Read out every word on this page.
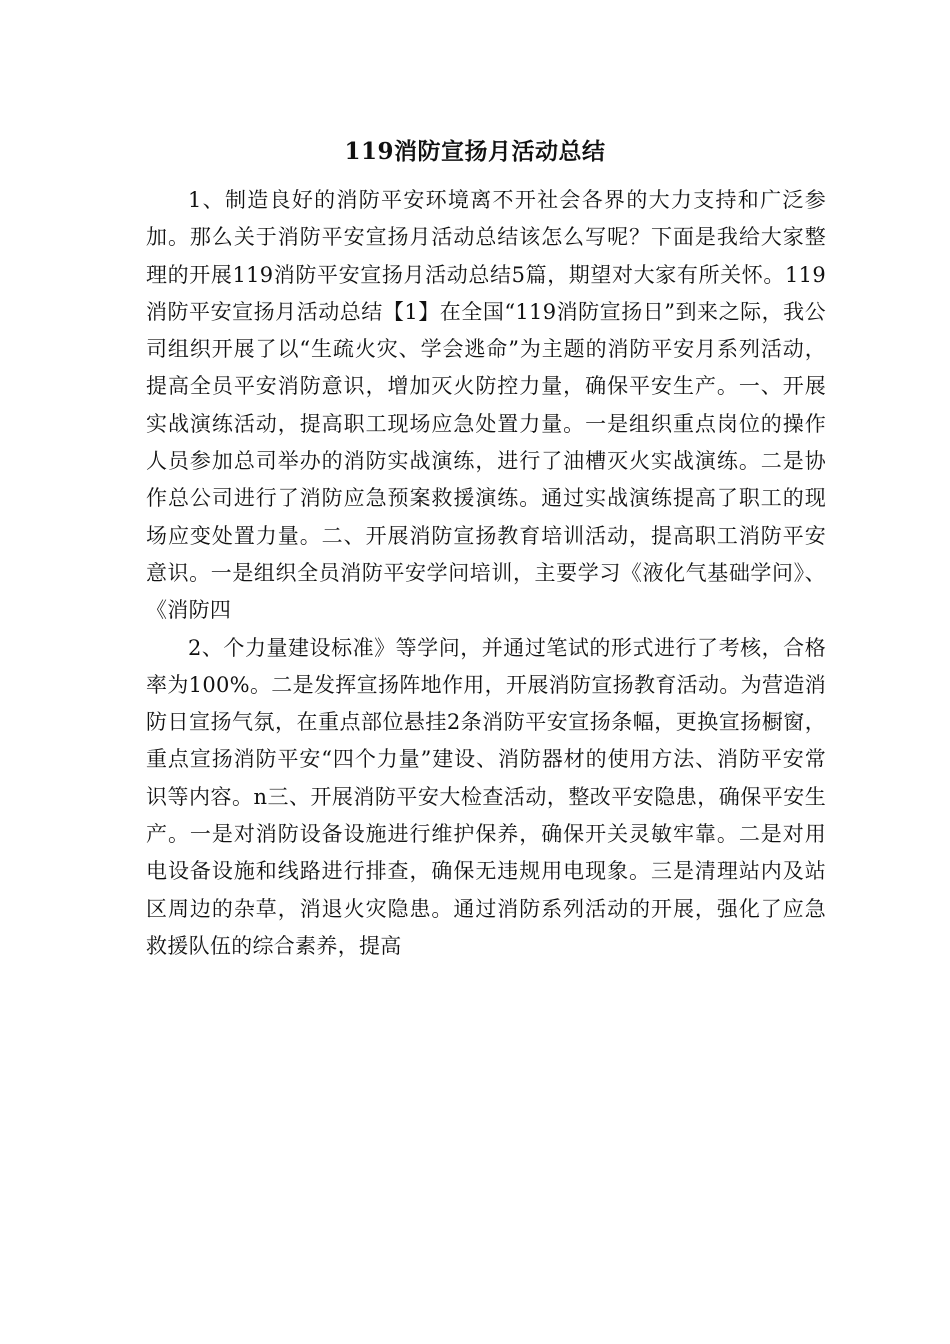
119消防宣扬月活动总结

1、制造良好的消防平安环境离不开社会各界的大力支持和广泛参加。那么关于消防平安宣扬月活动总结该怎么写呢？下面是我给大家整理的开展119消防平安宣扬月活动总结5篇，期望对大家有所关怀。119消防平安宣扬月活动总结【1】在全国“119消防宣扬日”到来之际，我公司组织开展了以“生疏火灾、学会逃命”为主题的消防平安月系列活动，提高全员平安消防意识，增加灭火防控力量，确保平安生产。一、开展实战演练活动，提高职工现场应急处置力量。一是组织重点岗位的操作人员参加总司举办的消防实战演练，进行了油槽灭火实战演练。二是协作总公司进行了消防应急预案救援演练。通过实战演练提高了职工的现场应变处置力量。二、开展消防宣扬教育培训活动，提高职工消防平安意识。一是组织全员消防平安学问培训，主要学习《液化气基础学问》、《消防四

2、个力量建设标准》等学问，并通过笔试的形式进行了考核，合格率为100%。二是发挥宣扬阵地作用，开展消防宣扬教育活动。为营造消防日宣扬气氛，在重点部位悬挂2条消防平安宣扬条幅，更换宣扬橱窗，重点宣扬消防平安“四个力量”建设、消防器材的使用方法、消防平安常识等内容。n三、开展消防平安大检查活动，整改平安隐患，确保平安生产。一是对消防设备设施进行维护保养，确保开关灵敏牢靠。二是对用电设备设施和线路进行排查，确保无违规用电现象。三是清理站内及站区周边的杂草，消退火灾隐患。通过消防系列活动的开展，强化了应急救援队伍的综合素养，提高
